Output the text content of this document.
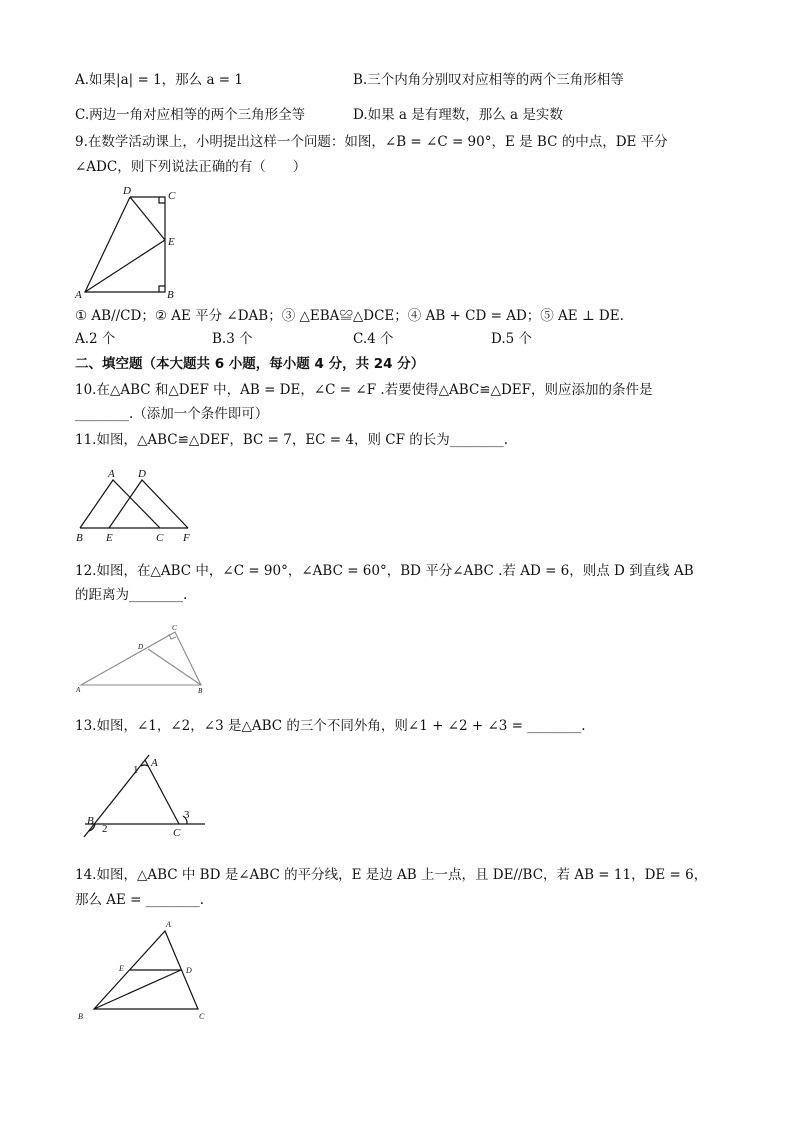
A.如果|a| = 1，那么 a = 1	B.三个内角分别叹对应相等的两个三角形相等
C.两边一角对应相等的两个三角形全等	D.如果 a 是有理数，那么 a 是实数
9.在数学活动课上，小明提出这样一个问题：如图，∠B = ∠C = 90°，E 是 BC 的中点，DE 平分
∠ADC，则下列说法正确的有（　　）
D	C
E
A	B
① AB//CD；② AE 平分 ∠DAB；③ △EBA≌△DCE；④ AB + CD = AD；⑤ AE ⊥ DE.
A.2 个	B.3 个	C.4 个	D.5 个
二、填空题（本大题共 6 小题，每小题 4 分，共 24 分）
10.在△ABC 和△DEF 中，AB = DE，∠C = ∠F .若要使得△ABC≌△DEF，则应添加的条件是
________.（添加一个条件即可）
11.如图，△ABC≌△DEF，BC = 7，EC = 4，则 CF 的长为________.
A D
B E	C F
12.如图，在△ABC 中，∠C = 90°，∠ABC = 60°，BD 平分∠ABC .若 AD = 6，则点 D 到直线 AB
的距离为________.
D
C
A	B
13.如图，∠1，∠2，∠3 是△ABC 的三个不同外角，则∠1 + ∠2 + ∠3 = ________.
1
A
B
2	C
3
14.如图，△ABC 中 BD 是∠ABC 的平分线，E 是边 AB 上一点，且 DE//BC，若 AB = 11，DE = 6，
那么 AE = ________.
A
E	D
B	C
